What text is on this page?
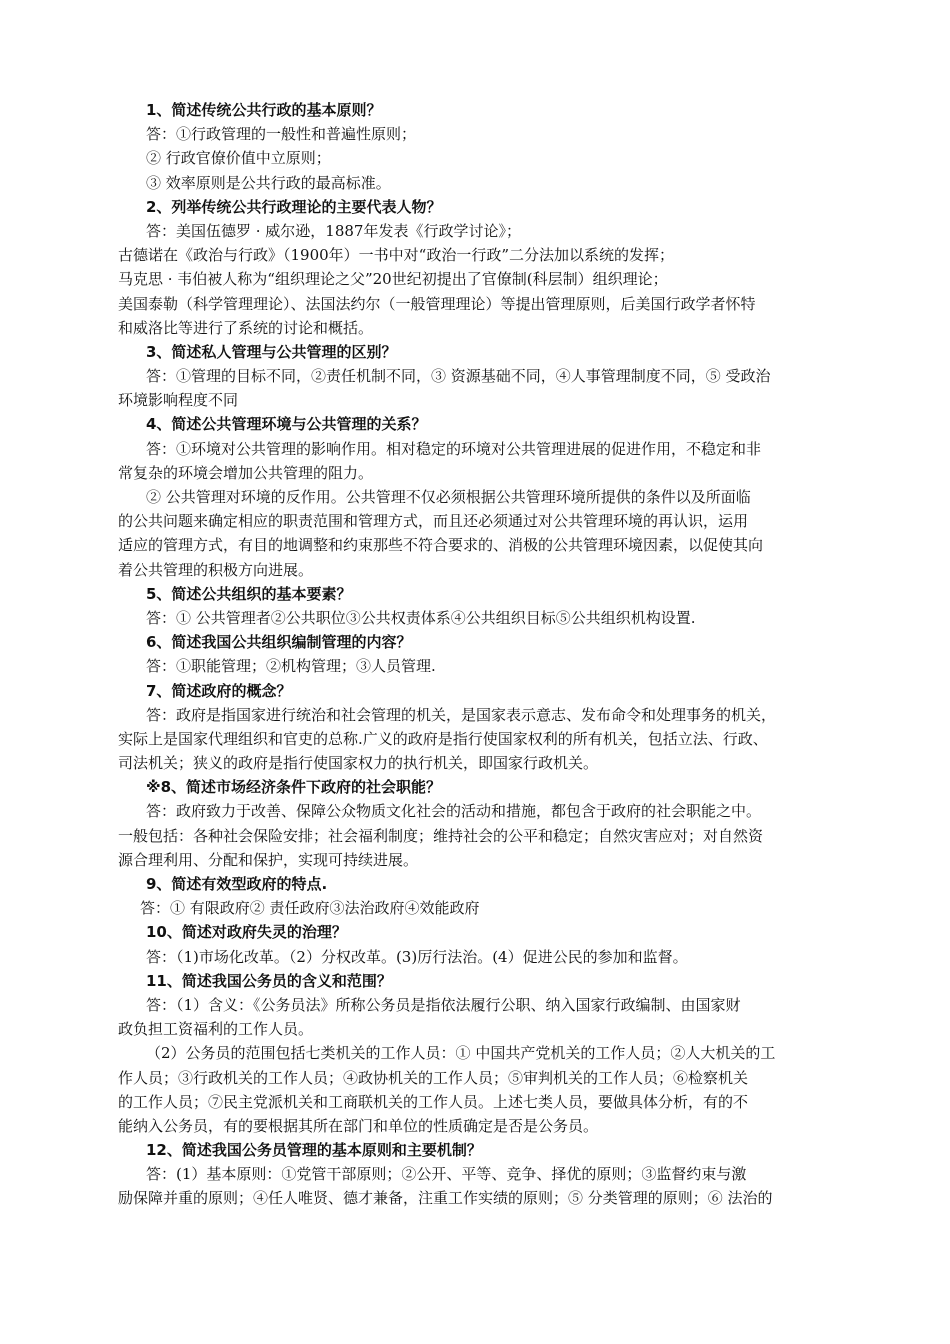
1、简述传统公共行政的基本原则？
答：①行政管理的一般性和普遍性原则；
② 行政官僚价值中立原则；
③ 效率原则是公共行政的最高标准。
2、列举传统公共行政理论的主要代表人物？
答：美国伍德罗 · 威尔逊，1887年发表《行政学讨论》；
古德诺在《政治与行政》（1900年）一书中对“政治一行政”二分法加以系统的发挥；
马克思 · 韦伯被人称为“组织理论之父”20世纪初提出了官僚制(科层制）组织理论；
美国泰勒（科学管理理论）、法国法约尔（一般管理理论）等提出管理原则，后美国行政学者怀特
和威洛比等进行了系统的讨论和概括。
3、简述私人管理与公共管理的区别？
答：①管理的目标不同，②责任机制不同，③ 资源基础不同，④人事管理制度不同，⑤ 受政治
环境影响程度不同
4、简述公共管理环境与公共管理的关系？
答：①环境对公共管理的影响作用。相对稳定的环境对公共管理进展的促进作用，不稳定和非
常复杂的环境会增加公共管理的阻力。
② 公共管理对环境的反作用。公共管理不仅必须根据公共管理环境所提供的条件以及所面临
的公共问题来确定相应的职责范围和管理方式，而且还必须通过对公共管理环境的再认识，运用
适应的管理方式，有目的地调整和约束那些不符合要求的、消极的公共管理环境因素，以促使其向
着公共管理的积极方向进展。
5、简述公共组织的基本要素？
答：① 公共管理者②公共职位③公共权责体系④公共组织目标⑤公共组织机构设置.
6、简述我国公共组织编制管理的内容？
答：①职能管理；②机构管理；③人员管理.
7、简述政府的概念？
答：政府是指国家进行统治和社会管理的机关，是国家表示意志、发布命令和处理事务的机关，
实际上是国家代理组织和官吏的总称.广义的政府是指行使国家权利的所有机关，包括立法、行政、
司法机关；狭义的政府是指行使国家权力的执行机关，即国家行政机关。
※8、简述市场经济条件下政府的社会职能？
答：政府致力于改善、保障公众物质文化社会的活动和措施，都包含于政府的社会职能之中。
一般包括：各种社会保险安排；社会福利制度；维持社会的公平和稳定；自然灾害应对；对自然资
源合理利用、分配和保护，实现可持续进展。
9、简述有效型政府的特点.
答：① 有限政府② 责任政府③法治政府④效能政府
10、简述对政府失灵的治理？
答：（1)市场化改革。（2）分权改革。(3)厉行法治。(4）促进公民的参加和监督。
11、简述我国公务员的含义和范围？
答：（1）含义：《公务员法》所称公务员是指依法履行公职、纳入国家行政编制、由国家财
政负担工资福利的工作人员。
（2）公务员的范围包括七类机关的工作人员：① 中国共产党机关的工作人员；②人大机关的工
作人员；③行政机关的工作人员；④政协机关的工作人员；⑤审判机关的工作人员；⑥检察机关
的工作人员；⑦民主党派机关和工商联机关的工作人员。上述七类人员，要做具体分析，有的不
能纳入公务员，有的要根据其所在部门和单位的性质确定是否是公务员。
12、简述我国公务员管理的基本原则和主要机制？
答：(1）基本原则：①党管干部原则；②公开、平等、竞争、择优的原则；③监督约束与激
励保障并重的原则；④任人唯贤、德才兼备，注重工作实绩的原则；⑤ 分类管理的原则；⑥ 法治的
